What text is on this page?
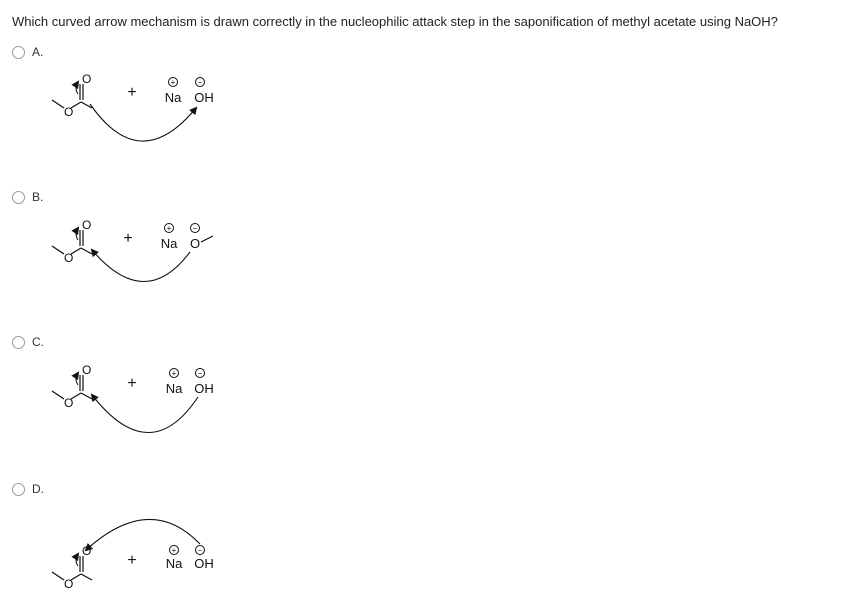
Which curved arrow mechanism is drawn correctly in the nucleophilic attack step in the saponification of methyl acetate using NaOH?
A.
O
O
+
+
Na
−
OH
B.
O
O
+
+
Na
−
O
C.
O
O
+
+
Na
−
OH
D.
O
O
+
+
Na
−
OH
